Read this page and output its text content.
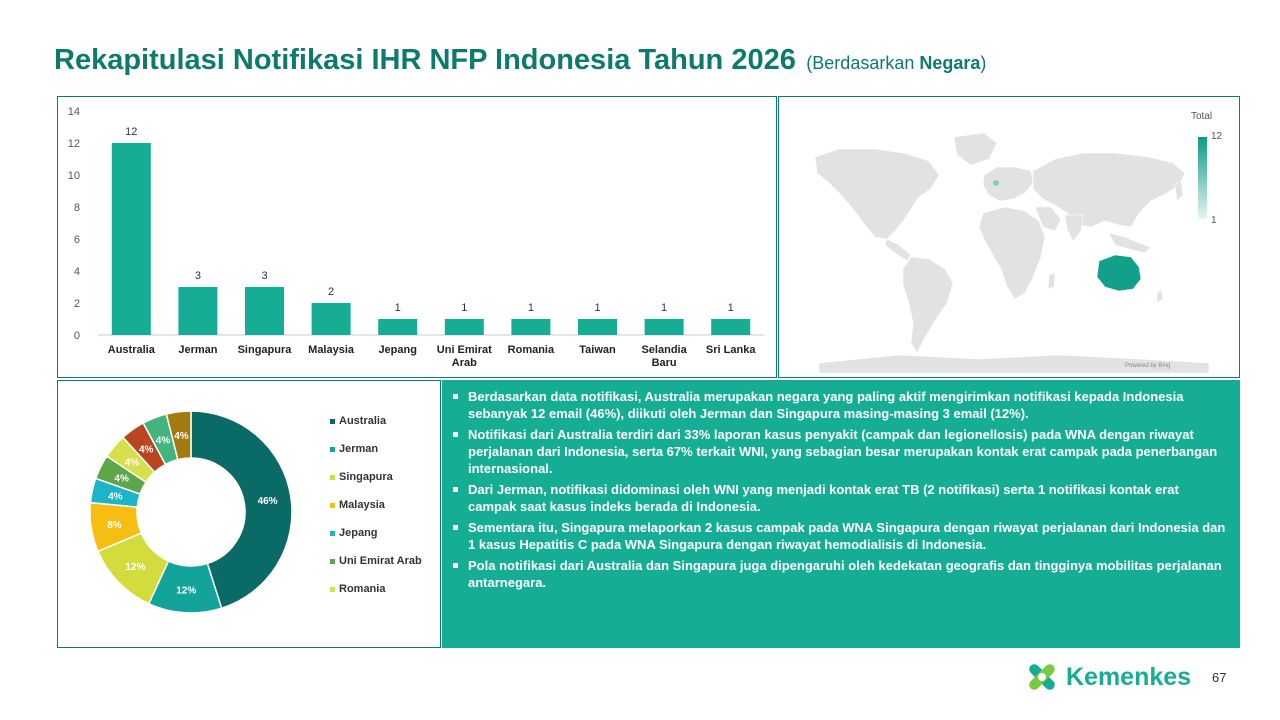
Rekapitulasi Notifikasi IHR NFP Indonesia Tahun 2026 (Berdasarkan Negara)
0
2
4
6
8
10
12
14
12
Australia
3
Jerman
3
Singapura
2
Malaysia
1
Jepang
1
Uni Emirat Arab
1
Romania
1
Taiwan
1
Selandia Baru
1
Sri Lanka
Total
12
1
Powered by Bing
46%
12%
12%
8%
4%
4%
4%
4%
4% 4%
Australia
Jerman
Singapura
Malaysia
Jepang
Uni Emirat Arab
Romania
Berdasarkan data notifikasi, Australia merupakan negara yang paling aktif mengirimkan notifikasi kepada Indonesia sebanyak 12 email (46%), diikuti oleh Jerman dan Singapura masing-masing 3 email (12%).
Notifikasi dari Australia terdiri dari 33% laporan kasus penyakit (campak dan legionellosis) pada WNA dengan riwayat perjalanan dari Indonesia, serta 67% terkait WNI, yang sebagian besar merupakan kontak erat campak pada penerbangan internasional.
Dari Jerman, notifikasi didominasi oleh WNI yang menjadi kontak erat TB (2 notifikasi) serta 1 notifikasi kontak erat campak saat kasus indeks berada di Indonesia.
Sementara itu, Singapura melaporkan 2 kasus campak pada WNA Singapura dengan riwayat perjalanan dari Indonesia dan 1 kasus Hepatitis C pada WNA Singapura dengan riwayat hemodialisis di Indonesia.
Pola notifikasi dari Australia dan Singapura juga dipengaruhi oleh kedekatan geografis dan tingginya mobilitas perjalanan antarnegara.
Kemenkes 67
